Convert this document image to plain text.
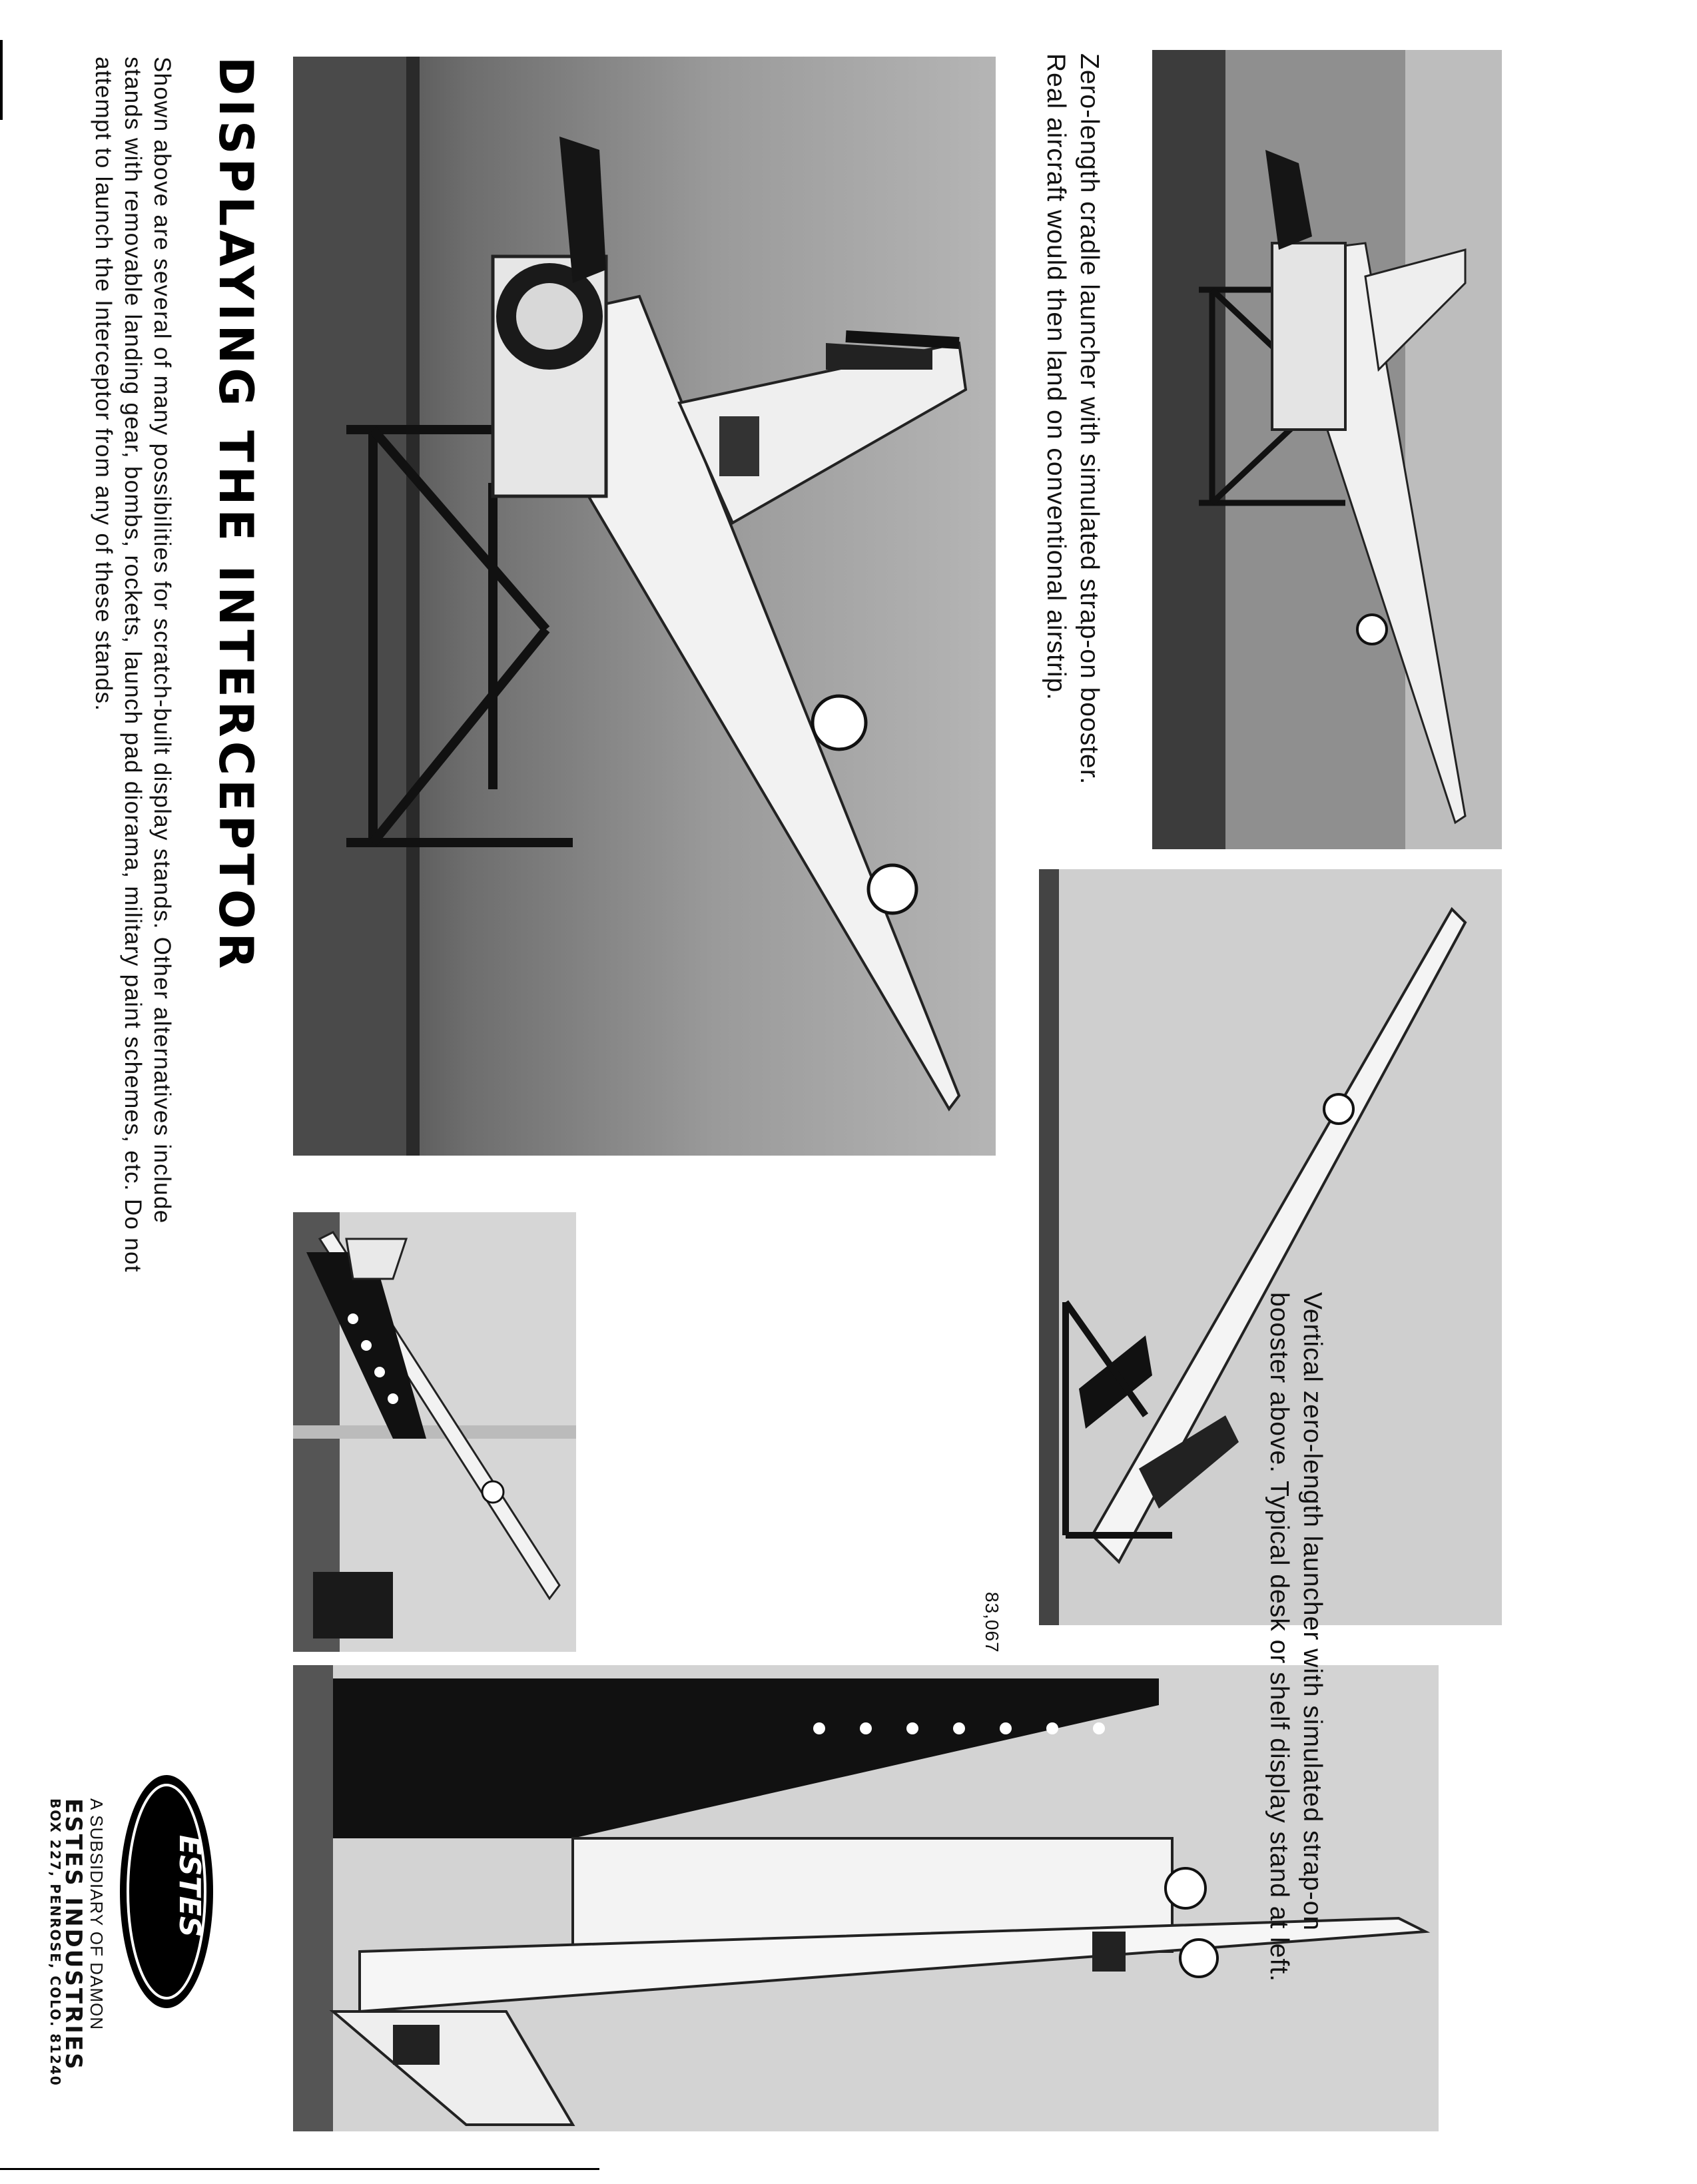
Zero-length cradle launcher with simulated strap-on booster.
Real aircraft would then land on conventional airstrip.
DISPLAYING THE INTERCEPTOR
Shown above are several of many possibilities for scratch-built display stands. Other alternatives include
stands with removable landing gear, bombs, rockets, launch pad diorama, military paint schemes, etc. Do not
attempt to launch the Interceptor from any of these stands.
Vertical zero-length launcher with simulated strap-on
booster above. Typical desk or shelf display stand at left.
83,067
ESTES
A SUBSIDIARY OF DAMON
ESTES INDUSTRIES
BOX 227, PENROSE, COLO. 81240
